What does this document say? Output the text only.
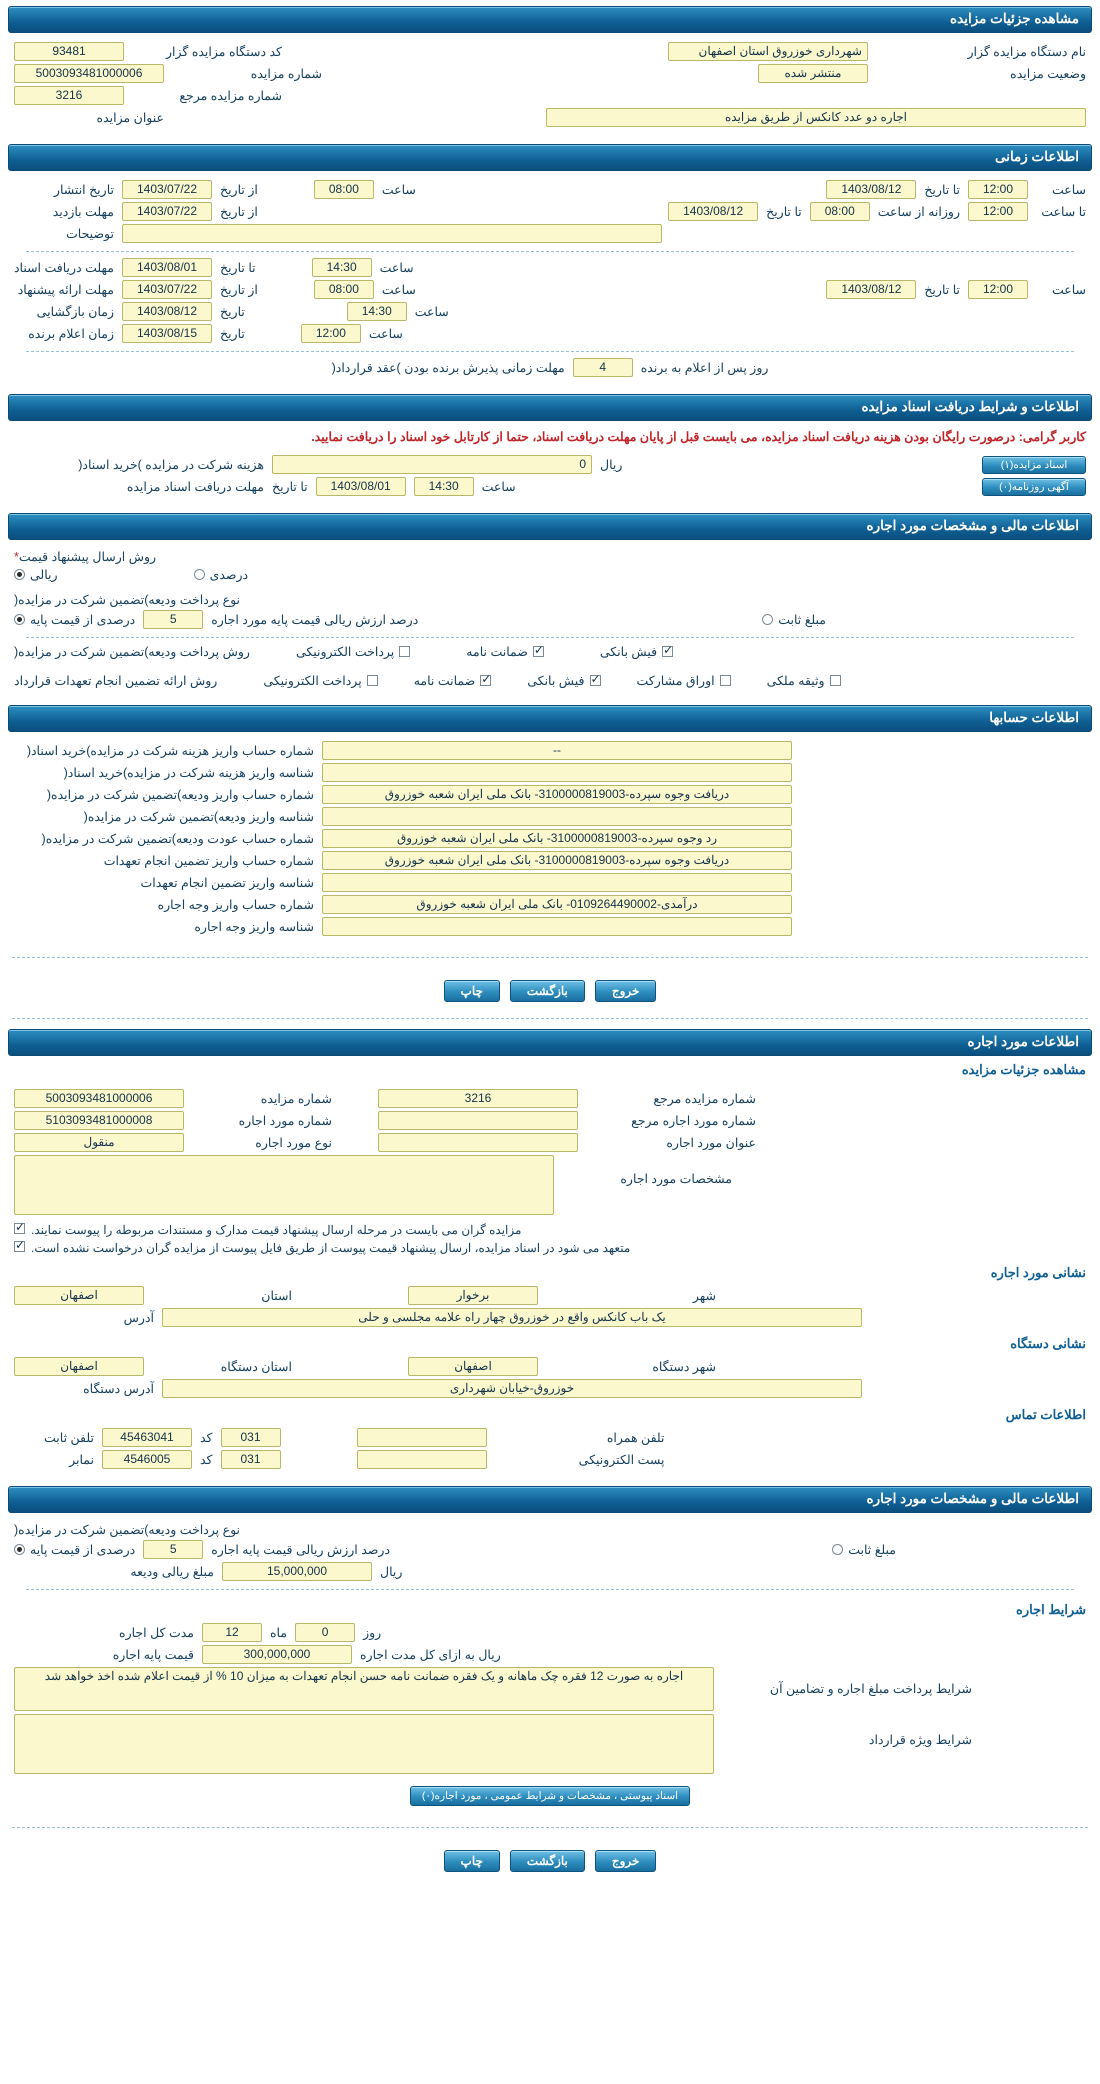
مشاهده جزئیات مزایده
نام دستگاه مزایده گزار
شهرداری خوزروق استان اصفهان
کد دستگاه مزایده گزار
93481
وضعیت مزایده
منتشر شده
شماره مزایده
5003093481000006
شماره مزایده مرجع
3216
اجاره دو عدد کانکس از طریق مزایده
عنوان مزایده
اطلاعات زمانی
ساعت
12:00
تا تاریخ
1403/08/12
ساعت
08:00
از تاریخ
1403/07/22
تاریخ انتشار
تا ساعت
12:00
روزانه از ساعت
08:00
تا تاریخ
1403/08/12
از تاریخ
1403/07/22
مهلت بازدید
توضیحات
ساعت
14:30
تا تاریخ
1403/08/01
مهلت دریافت اسناد
ساعت
12:00
تا تاریخ
1403/08/12
ساعت
08:00
از تاریخ
1403/07/22
مهلت ارائه پیشنهاد
ساعت
14:30
تاریخ
1403/08/12
زمان بازگشایی
ساعت
12:00
تاریخ
1403/08/15
زمان اعلام برنده
روز پس از اعلام به برنده
4
مهلت زمانی پذیرش برنده بودن )عقد قرارداد(
اطلاعات و شرایط دریافت اسناد مزایده
کاربر گرامی: درصورت رایگان بودن هزینه دریافت اسناد مزایده، می بایست قبل از پایان مهلت دریافت اسناد، حتما از کارتابل خود اسناد را دریافت نمایید.
اسناد مزایده(۱)
ریال
0
هزینه شرکت در مزایده )خرید اسناد(
آگهی روزنامه(۰)
ساعت
14:30
1403/08/01
تا تاریخ
مهلت دریافت اسناد مزایده
اطلاعات مالی و مشخصات مورد اجاره
روش ارسال پیشنهاد قیمت*
درصدی
ریالی
نوع پرداخت ودیعه)تضمین شرکت در مزایده(
مبلغ ثابت
درصد ارزش ریالی قیمت پایه مورد اجاره
5
درصدی از قیمت پایه
✓
فیش بانکی
✓
ضمانت نامه
پرداخت الکترونیکی
روش پرداخت ودیعه)تضمین شرکت در مزایده(
وثیقه ملکی
اوراق مشارکت
✓
فیش بانکی
✓
ضمانت نامه
پرداخت الکترونیکی
روش ارائه تضمین انجام تعهدات قرارداد
اطلاعات حسابها
--
شماره حساب واریز هزینه شرکت در مزایده)خرید اسناد(
شناسه واریز هزینه شرکت در مزایده)خرید اسناد(
دریافت وجوه سپرده-3100000819003- بانک ملی ایران شعبه خوزروق
شماره حساب واریز ودیعه)تضمین شرکت در مزایده(
شناسه واریز ودیعه)تضمین شرکت در مزایده(
رد وجوه سپرده-3100000819003- بانک ملی ایران شعبه خوزروق
شماره حساب عودت ودیعه)تضمین شرکت در مزایده(
دریافت وجوه سپرده-3100000819003- بانک ملی ایران شعبه خوزروق
شماره حساب واریز تضمین انجام تعهدات
شناسه واریز تضمین انجام تعهدات
درآمدی-0109264490002- بانک ملی ایران شعبه خوزروق
شماره حساب واریز وجه اجاره
شناسه واریز وجه اجاره
خروج
بازگشت
چاپ
اطلاعات مورد اجاره
مشاهده جزئیات مزایده
شماره مزایده مرجع
3216
شماره مزایده
5003093481000006
شماره مورد اجاره مرجع
شماره مورد اجاره
5103093481000008
عنوان مورد اجاره
نوع مورد اجاره
منقول
مشخصات مورد اجاره
مزایده گران می بایست در مرحله ارسال پیشنهاد قیمت مدارک و مستندات مربوطه را پیوست نمایند.
✓
متعهد می شود در اسناد مزایده، ارسال پیشنهاد قیمت پیوست از طریق فایل پیوست از مزایده گران درخواست نشده است.
✓
نشانی مورد اجاره
شهر
برخوار
استان
اصفهان
یک باب کانکس واقع در خوزروق چهار راه علامه مجلسی و حلی
آدرس
نشانی دستگاه
شهر دستگاه
اصفهان
استان دستگاه
اصفهان
خوزروق-خیابان شهرداری
آدرس دستگاه
اطلاعات تماس
تلفن همراه
031
کد
45463041
تلفن ثابت
پست الکترونیکی
031
کد
4546005
نمابر
اطلاعات مالی و مشخصات مورد اجاره
نوع پرداخت ودیعه)تضمین شرکت در مزایده(
مبلغ ثابت
درصد ارزش ریالی قیمت پایه اجاره
5
درصدی از قیمت پایه
ریال
15,000,000
مبلغ ریالی ودیعه
شرایط اجاره
روز
0
ماه
12
مدت کل اجاره
ریال به ازای کل مدت اجاره
300,000,000
قیمت پایه اجاره
شرایط پرداخت مبلغ اجاره و تضامین آن
اجاره به صورت 12 فقره چک ماهانه و یک فقره ضمانت نامه حسن انجام تعهدات به میزان 10 % از قیمت اعلام شده اخذ خواهد شد
شرایط ویژه قرارداد
اسناد پیوستی ، مشخصات و شرایط عمومی ، مورد اجاره(۰)
خروج
بازگشت
چاپ
